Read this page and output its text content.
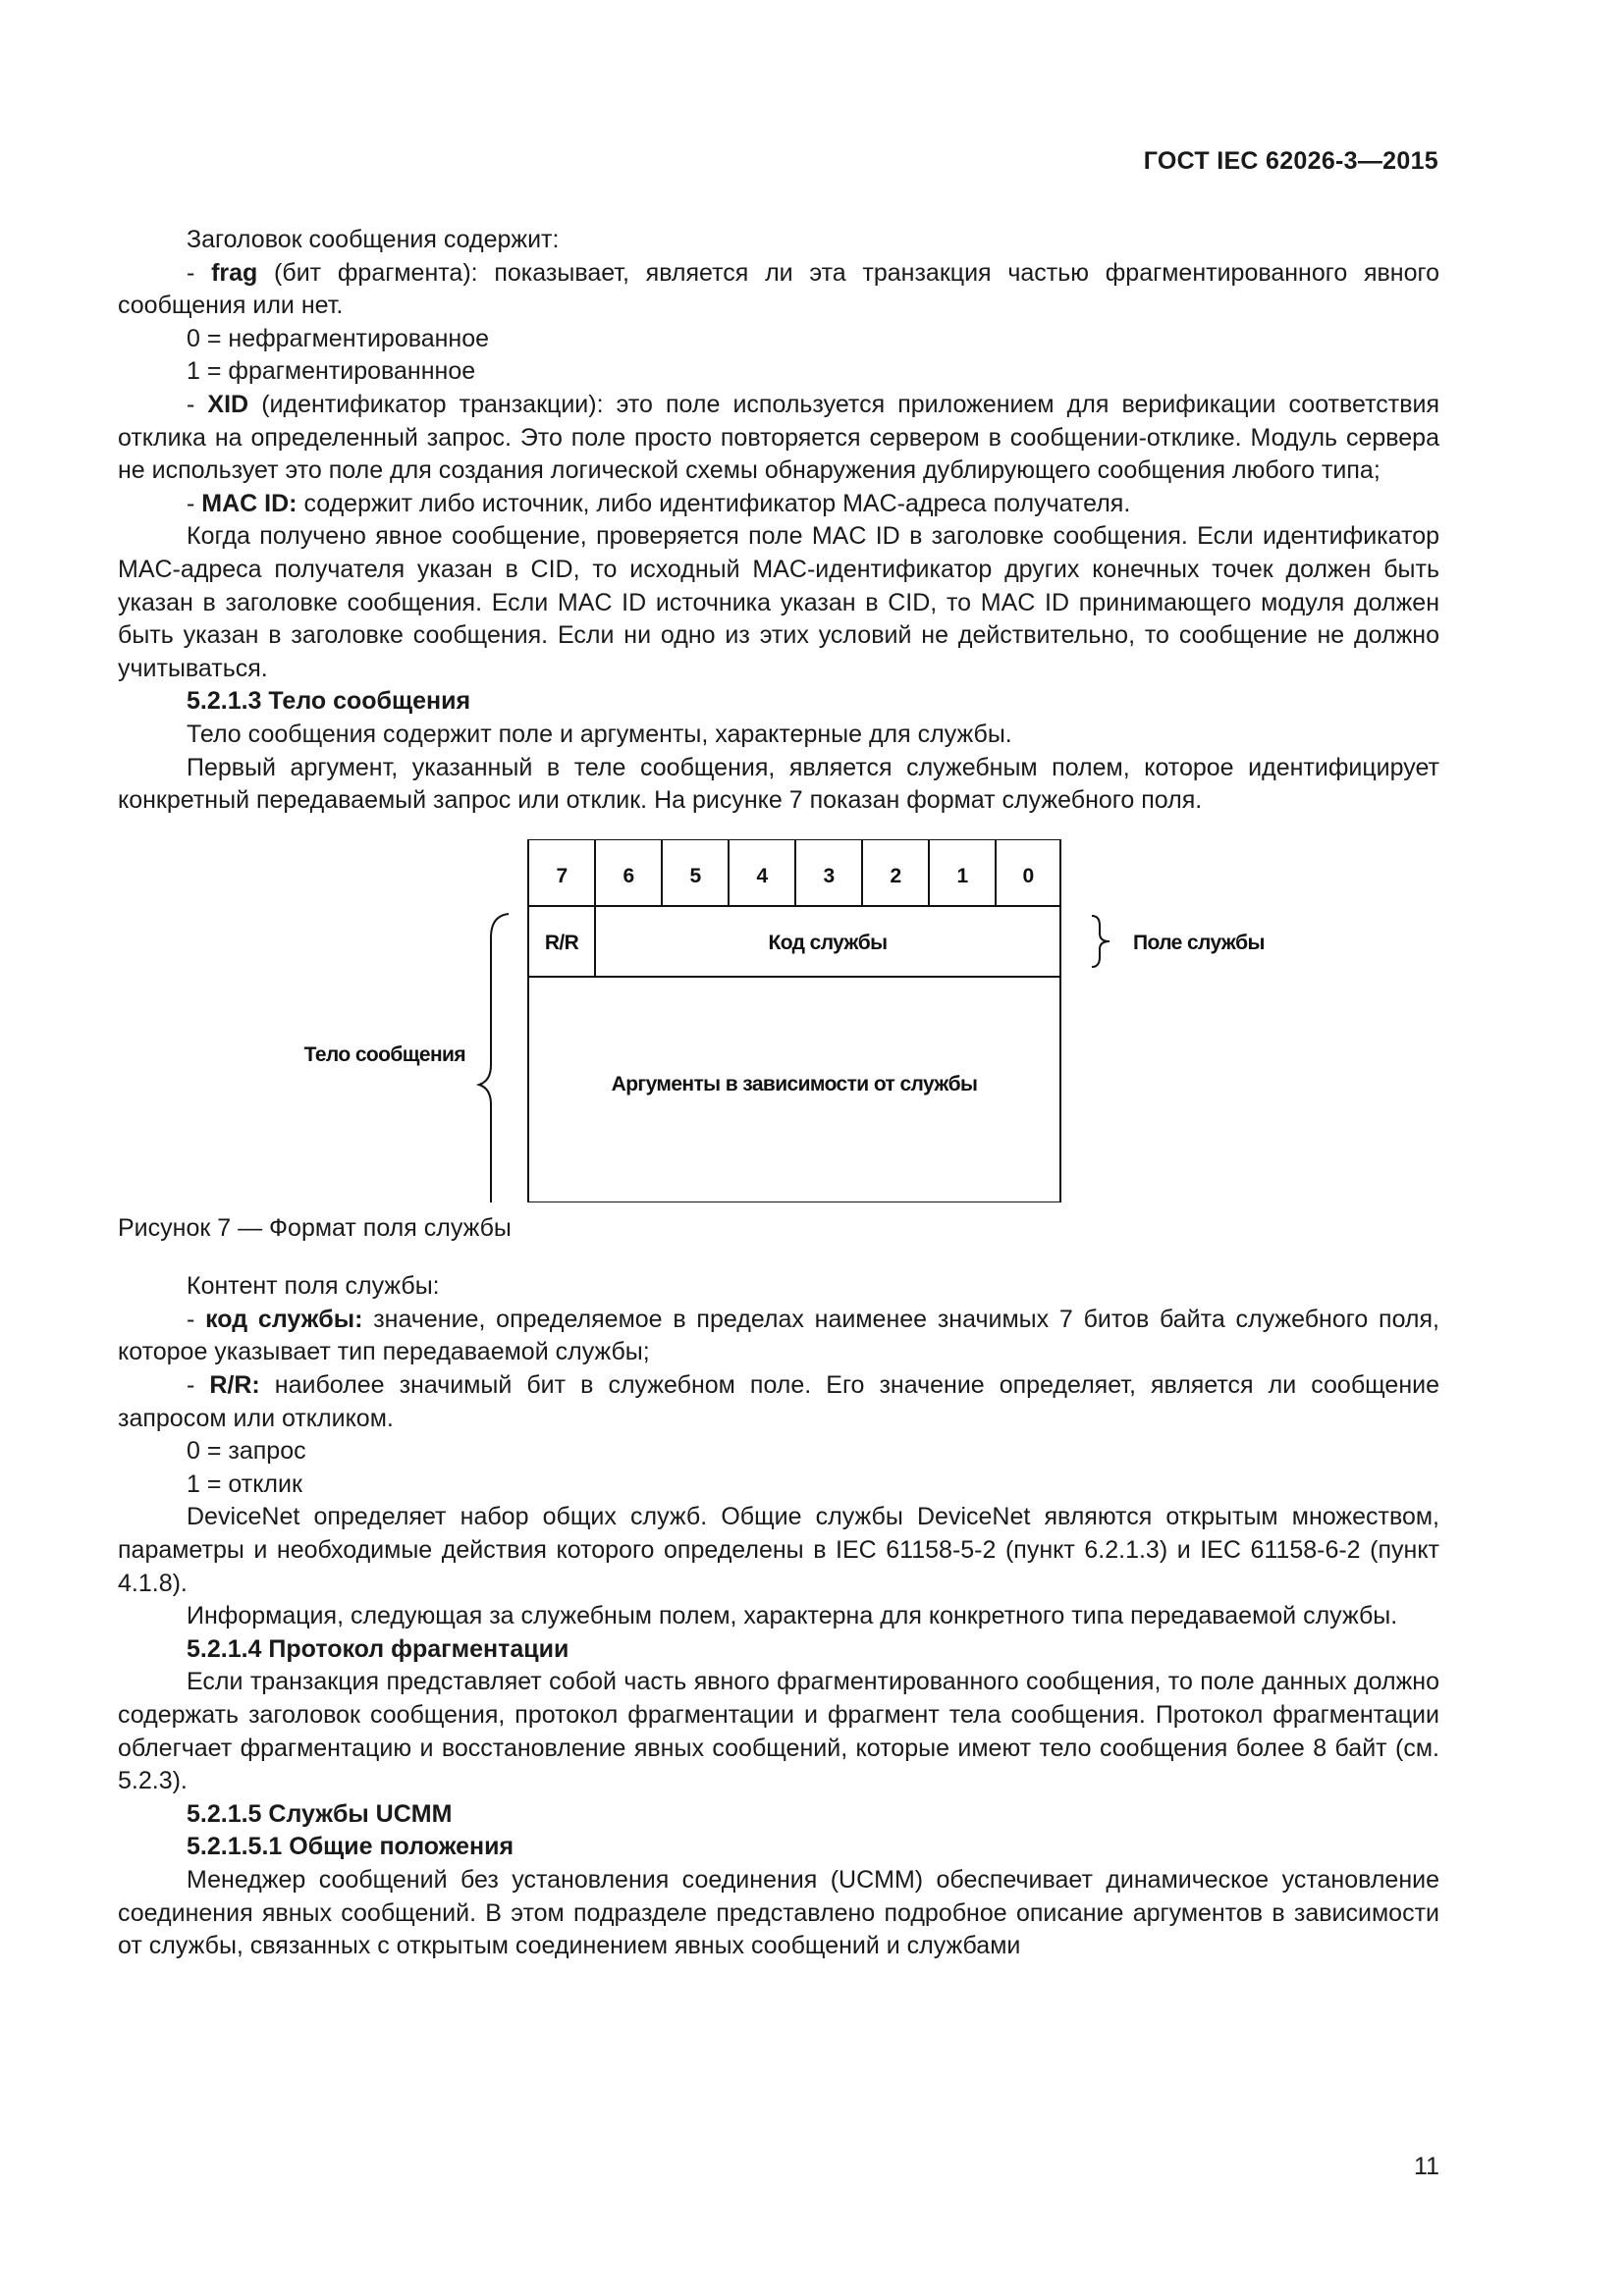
ГОСТ IEC 62026-3—2015

Заголовок сообщения содержит:

- frag (бит фрагмента): показывает, является ли эта транзакция частью фрагментированного явного сообщения или нет.

0 = нефрагментированное

1 = фрагментированнное

- XID (идентификатор транзакции): это поле используется приложением для верификации соответствия отклика на определенный запрос. Это поле просто повторяется сервером в сообщении-отклике. Модуль сервера не использует это поле для создания логической схемы обнаружения дублирующего сообщения любого типа;

- MAC ID: содержит либо источник, либо идентификатор MAC-адреса получателя.

Когда получено явное сообщение, проверяется поле MAC ID в заголовке сообщения. Если идентификатор MAC-адреса получателя указан в CID, то исходный MAC-идентификатор других конечных точек должен быть указан в заголовке сообщения. Если MAC ID источника указан в CID, то MAC ID принимающего модуля должен быть указан в заголовке сообщения. Если ни одно из этих условий не действительно, то сообщение не должно учитываться.

5.2.1.3 Тело сообщения

Тело сообщения содержит поле и аргументы, характерные для службы.

Первый аргумент, указанный в теле сообщения, является служебным полем, которое идентифицирует конкретный передаваемый запрос или отклик. На рисунке 7 показан формат служебного поля.

7	6	5	4	3	2	1	0
R/R	Код службы
Аргументы в зависимости от службы
Поле службы
Тело сообщения

Рисунок 7 — Формат поля службы

Контент поля службы:

- код службы: значение, определяемое в пределах наименее значимых 7 битов байта служебного поля, которое указывает тип передаваемой службы;

- R/R: наиболее значимый бит в служебном поле. Его значение определяет, является ли сообщение запросом или откликом.

0 = запрос

1 = отклик

DeviceNet определяет набор общих служб. Общие службы DeviceNet являются открытым множеством, параметры и необходимые действия которого определены в IEC 61158-5-2 (пункт 6.2.1.3) и IEC 61158-6-2 (пункт 4.1.8).

Информация, следующая за служебным полем, характерна для конкретного типа передаваемой службы.

5.2.1.4 Протокол фрагментации

Если транзакция представляет собой часть явного фрагментированного сообщения, то поле данных должно содержать заголовок сообщения, протокол фрагментации и фрагмент тела сообщения. Протокол фрагментации облегчает фрагментацию и восстановление явных сообщений, которые имеют тело сообщения более 8 байт (см. 5.2.3).

5.2.1.5 Службы UCMM

5.2.1.5.1 Общие положения

Менеджер сообщений без установления соединения (UCMM) обеспечивает динамическое установление соединения явных сообщений. В этом подразделе представлено подробное описание аргументов в зависимости от службы, связанных с открытым соединением явных сообщений и службами

11
